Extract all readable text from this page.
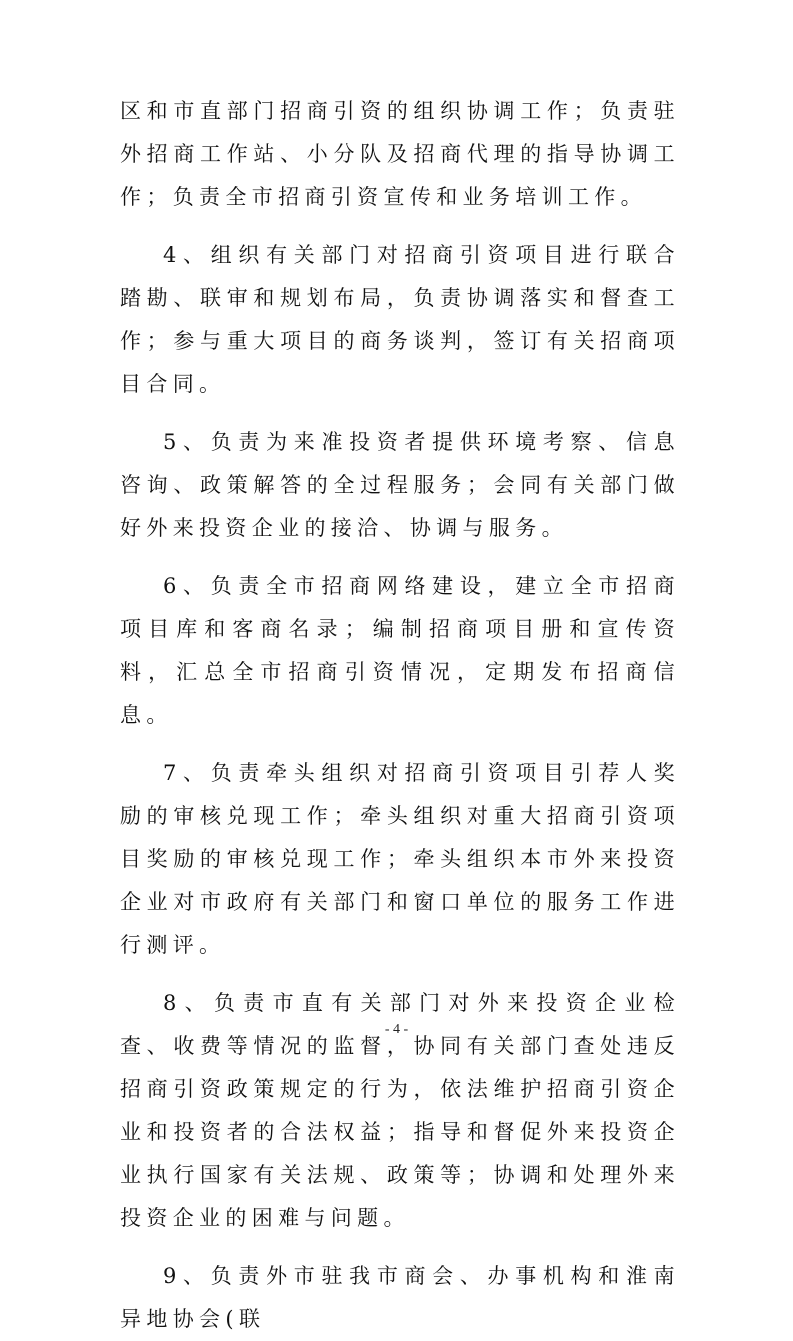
区和市直部门招商引资的组织协调工作；负责驻外招商工作站、小分队及招商代理的指导协调工作；负责全市招商引资宣传和业务培训工作。

4、组织有关部门对招商引资项目进行联合踏勘、联审和规划布局，负责协调落实和督查工作；参与重大项目的商务谈判，签订有关招商项目合同。

5、负责为来准投资者提供环境考察、信息咨询、政策解答的全过程服务；会同有关部门做好外来投资企业的接洽、协调与服务。

6、负责全市招商网络建设，建立全市招商项目库和客商名录；编制招商项目册和宣传资料，汇总全市招商引资情况，定期发布招商信息。

7、负责牵头组织对招商引资项目引荐人奖励的审核兑现工作；牵头组织对重大招商引资项目奖励的审核兑现工作；牵头组织本市外来投资企业对市政府有关部门和窗口单位的服务工作进行测评。

8、负责市直有关部门对外来投资企业检查、收费等情况的监督，协同有关部门查处违反招商引资政策规定的行为，依法维护招商引资企业和投资者的合法权益；指导和督促外来投资企业执行国家有关法规、政策等；协调和处理外来投资企业的困难与问题。

9、负责外市驻我市商会、办事机构和淮南异地协会(联

- 4 -
